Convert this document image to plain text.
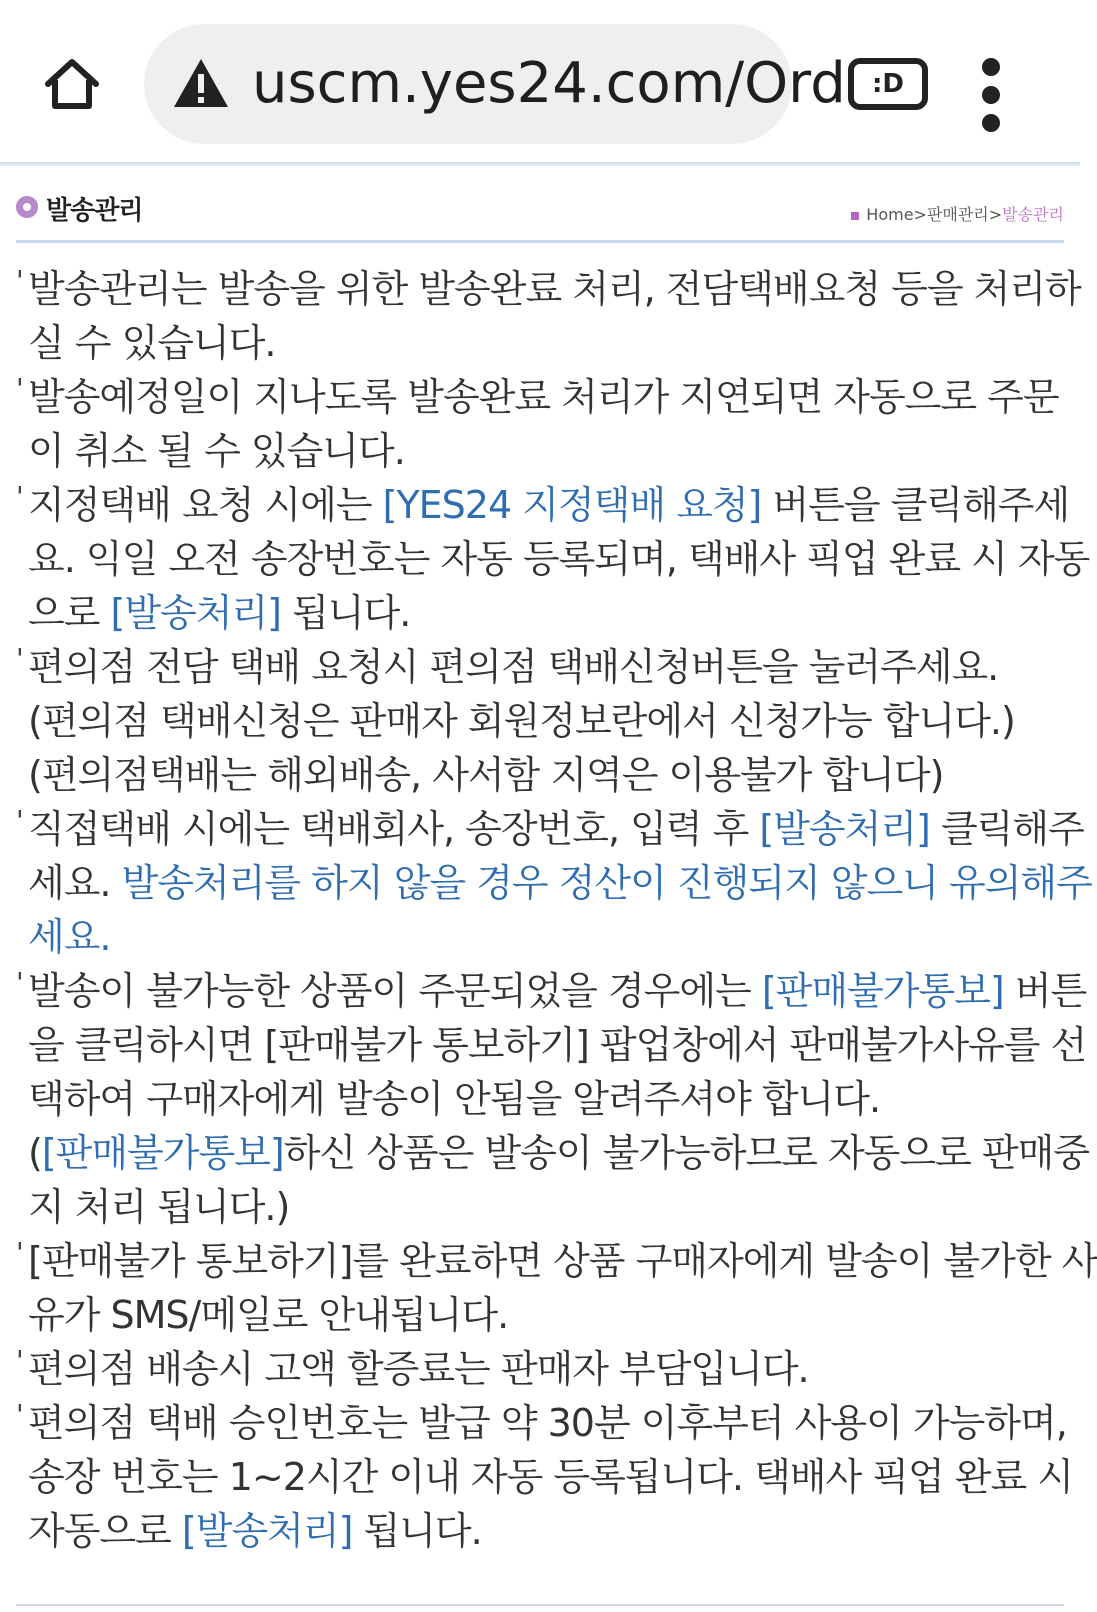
uscm.yes24.com/Ord	:D
발송관리	▪ Home>판매관리>발송관리

' 발송관리는 발송을 위한 발송완료 처리, 전담택배요청 등을 처리하
실 수 있습니다.

' 발송예정일이 지나도록 발송완료 처리가 지연되면 자동으로 주문
이 취소 될 수 있습니다.

' 지정택배 요청 시에는 [YES24 지정택배 요청] 버튼을 클릭해주세
요. 익일 오전 송장번호는 자동 등록되며, 택배사 픽업 완료 시 자동
으로 [발송처리] 됩니다.

' 편의점 전담 택배 요청시 편의점 택배신청버튼을 눌러주세요.
(편의점 택배신청은 판매자 회원정보란에서 신청가능 합니다.)
(편의점택배는 해외배송, 사서함 지역은 이용불가 합니다)

' 직접택배 시에는 택배회사, 송장번호, 입력 후 [발송처리] 클릭해주
세요. 발송처리를 하지 않을 경우 정산이 진행되지 않으니 유의해주
세요.

' 발송이 불가능한 상품이 주문되었을 경우에는 [판매불가통보] 버튼
을 클릭하시면 [판매불가 통보하기] 팝업창에서 판매불가사유를 선
택하여 구매자에게 발송이 안됨을 알려주셔야 합니다.
([판매불가통보]하신 상품은 발송이 불가능하므로 자동으로 판매중
지 처리 됩니다.)

' [판매불가 통보하기]를 완료하면 상품 구매자에게 발송이 불가한 사
유가 SMS/메일로 안내됩니다.

' 편의점 배송시 고액 할증료는 판매자 부담입니다.

' 편의점 택배 승인번호는 발급 약 30분 이후부터 사용이 가능하며,
송장 번호는 1~2시간 이내 자동 등록됩니다. 택배사 픽업 완료 시
자동으로 [발송처리] 됩니다.
